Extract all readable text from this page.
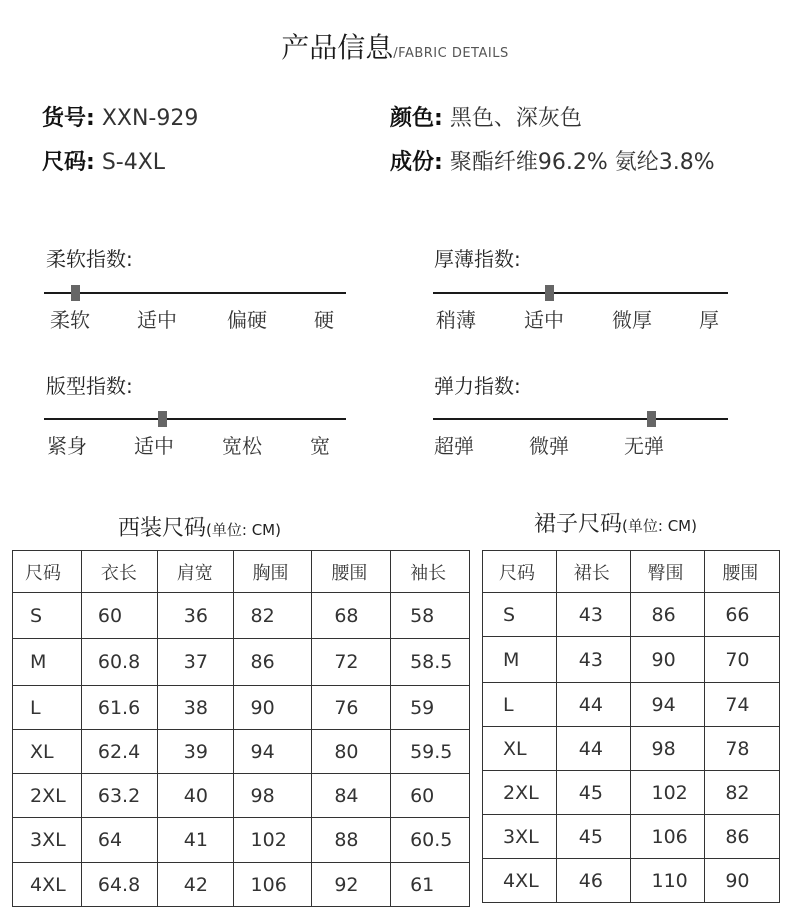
产品信息/FABRIC DETAILS
货号: XXN-929
尺码: S-4XL
颜色: 黑色、深灰色
成份: 聚酯纤维96.2% 氨纶3.8%
柔软指数:
柔软 适中	偏硬 硬
厚薄指数:
稍薄 适中 微厚 厚
版型指数:
紧身 适中 宽松 宽
弹力指数:
超弹	微弹	无弹
西装尺码(单位: CM)	裙子尺码(单位: CM)
尺码	衣长	肩宽	胸围	腰围	袖长
S	60	36	82	68	58
M	60.8	37	86	72	58.5
L	61.6	38	90	76	59
XL	62.4	39	94	80	59.5
2XL	63.2	40	98	84	60
3XL	64	41	102	88	60.5
4XL	64.8	42	106	92	61
尺码	裙长	臀围	腰围
S	43	86	66
M	43	90	70
L	44	94	74
XL	44	98	78
2XL	45	102	82
3XL	45	106	86
4XL	46	110	90
